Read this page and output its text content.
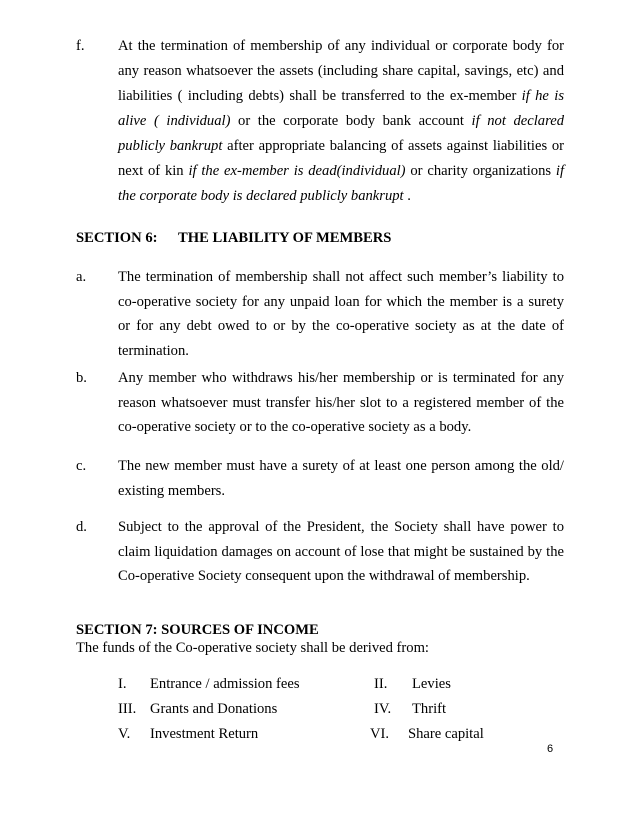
f. At the termination of membership of any individual or corporate body for any reason whatsoever the assets (including share capital, savings, etc) and liabilities ( including debts) shall be transferred to the ex-member if he is alive ( individual) or the corporate body bank account if not declared publicly bankrupt after appropriate balancing of assets against liabilities or next of kin if the ex-member is dead(individual) or charity organizations if the corporate body is declared publicly bankrupt .
SECTION 6: THE LIABILITY OF MEMBERS
a. The termination of membership shall not affect such member’s liability to co-operative society for any unpaid loan for which the member is a surety or for any debt owed to or by the co-operative society as at the date of termination.
b. Any member who withdraws his/her membership or is terminated for any reason whatsoever must transfer his/her slot to a registered member of the co-operative society or to the co-operative society as a body.
c. The new member must have a surety of at least one person among the old/ existing members.
d. Subject to the approval of the President, the Society shall have power to claim liquidation damages on account of lose that might be sustained by the Co-operative Society consequent upon the withdrawal of membership.
SECTION 7: SOURCES OF INCOME
The funds of the Co-operative society shall be derived from:
I. Entrance / admission fees	II. Levies
III. Grants and Donations	IV. Thrift
V. Investment Return	VI. Share capital
6
